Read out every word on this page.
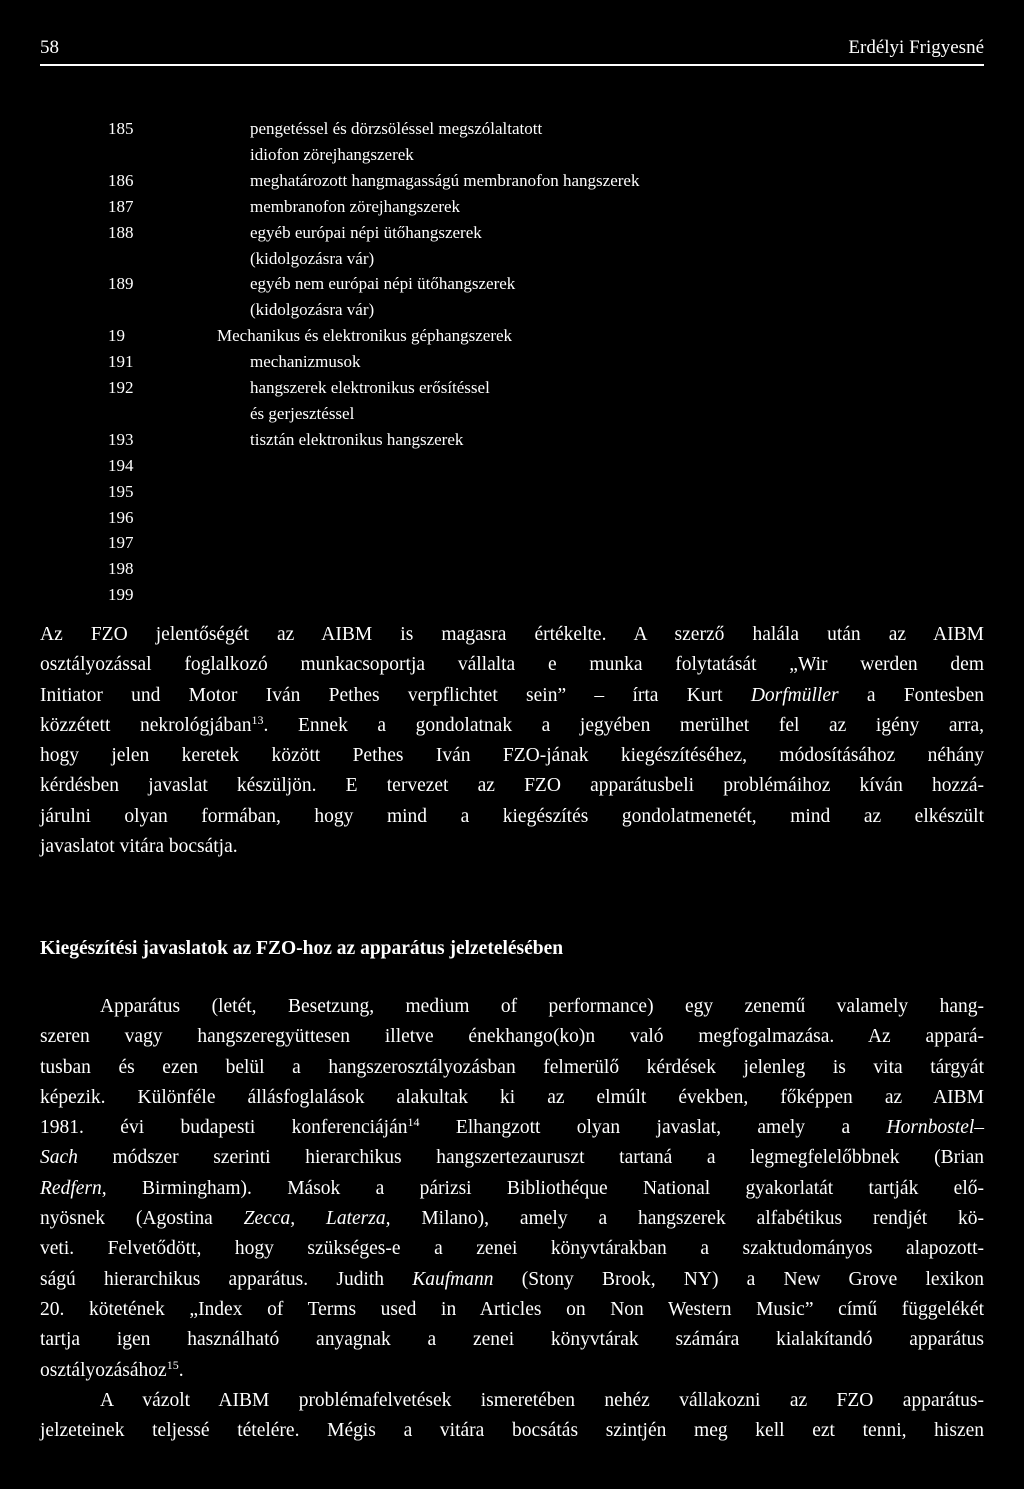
58	Erdélyi Frigyesné
185	pengetéssel és dörzsöléssel megszólaltatott
idiofon zörejhangszerek
186	meghatározott hangmagasságú membranofon hangszerek
187	membranofon zörejhangszerek
188	egyéb európai népi ütőhangszerek
(kidolgozásra vár)
189	egyéb nem európai népi ütőhangszerek
(kidolgozásra vár)
19	Mechanikus és elektronikus géphangszerek
191	mechanizmusok
192	hangszerek elektronikus erősítéssel
és gerjesztéssel
193	tisztán elektronikus hangszerek
194
195
196
197
198
199
Az FZO jelentőségét az AIBM is magasra értékelte. A szerző halála után az AIBM
osztályozással foglalkozó munkacsoportja vállalta e munka folytatását „Wir werden dem
Initiator und Motor Iván Pethes verpflichtet sein” – írta Kurt Dorfmüller a Fontesben
közzétett nekrológjában$^{13}$. Ennek a gondolatnak a jegyében merülhet fel az igény arra,
hogy jelen keretek között Pethes Iván FZO-jának kiegészítéséhez, módosításához néhány
kérdésben javaslat készüljön. E tervezet az FZO apparátusbeli problémáihoz kíván hozzá-
járulni olyan formában, hogy mind a kiegészítés gondolatmenetét, mind az elkészült
javaslatot vitára bocsátja.
Kiegészítési javaslatok az FZO-hoz az apparátus jelzetelésében
Apparátus (letét, Besetzung, medium of performance) egy zenemű valamely hang-
szeren vagy hangszeregyüttesen illetve énekhango(ko)n való megfogalmazása. Az appará-
tusban és ezen belül a hangszerosztályozásban felmerülő kérdések jelenleg is vita tárgyát
képezik. Különféle állásfoglalások alakultak ki az elmúlt években, főképpen az AIBM
1981. évi budapesti konferenciáján$^{14}$ Elhangzott olyan javaslat, amely a Hornbostel–
Sach módszer szerinti hierarchikus hangszertezauruszt tartaná a legmegfelelőbbnek (Brian
Redfern, Birmingham). Mások a párizsi Bibliothéque National gyakorlatát tartják elő-
nyösnek (Agostina Zecca, Laterza, Milano), amely a hangszerek alfabétikus rendjét kö-
veti. Felvetődött, hogy szükséges-e a zenei könyvtárakban a szaktudományos alapozott-
ságú hierarchikus apparátus. Judith Kaufmann (Stony Brook, NY) a New Grove lexikon
20. kötetének „Index of Terms used in Articles on Non Western Music” című függelékét
tartja igen használható anyagnak a zenei könyvtárak számára kialakítandó apparátus
osztályozásához$^{15}$.
A vázolt AIBM problémafelvetések ismeretében nehéz vállakozni az FZO apparátus-
jelzeteinek teljessé tételére. Mégis a vitára bocsátás szintjén meg kell ezt tenni, hiszen
